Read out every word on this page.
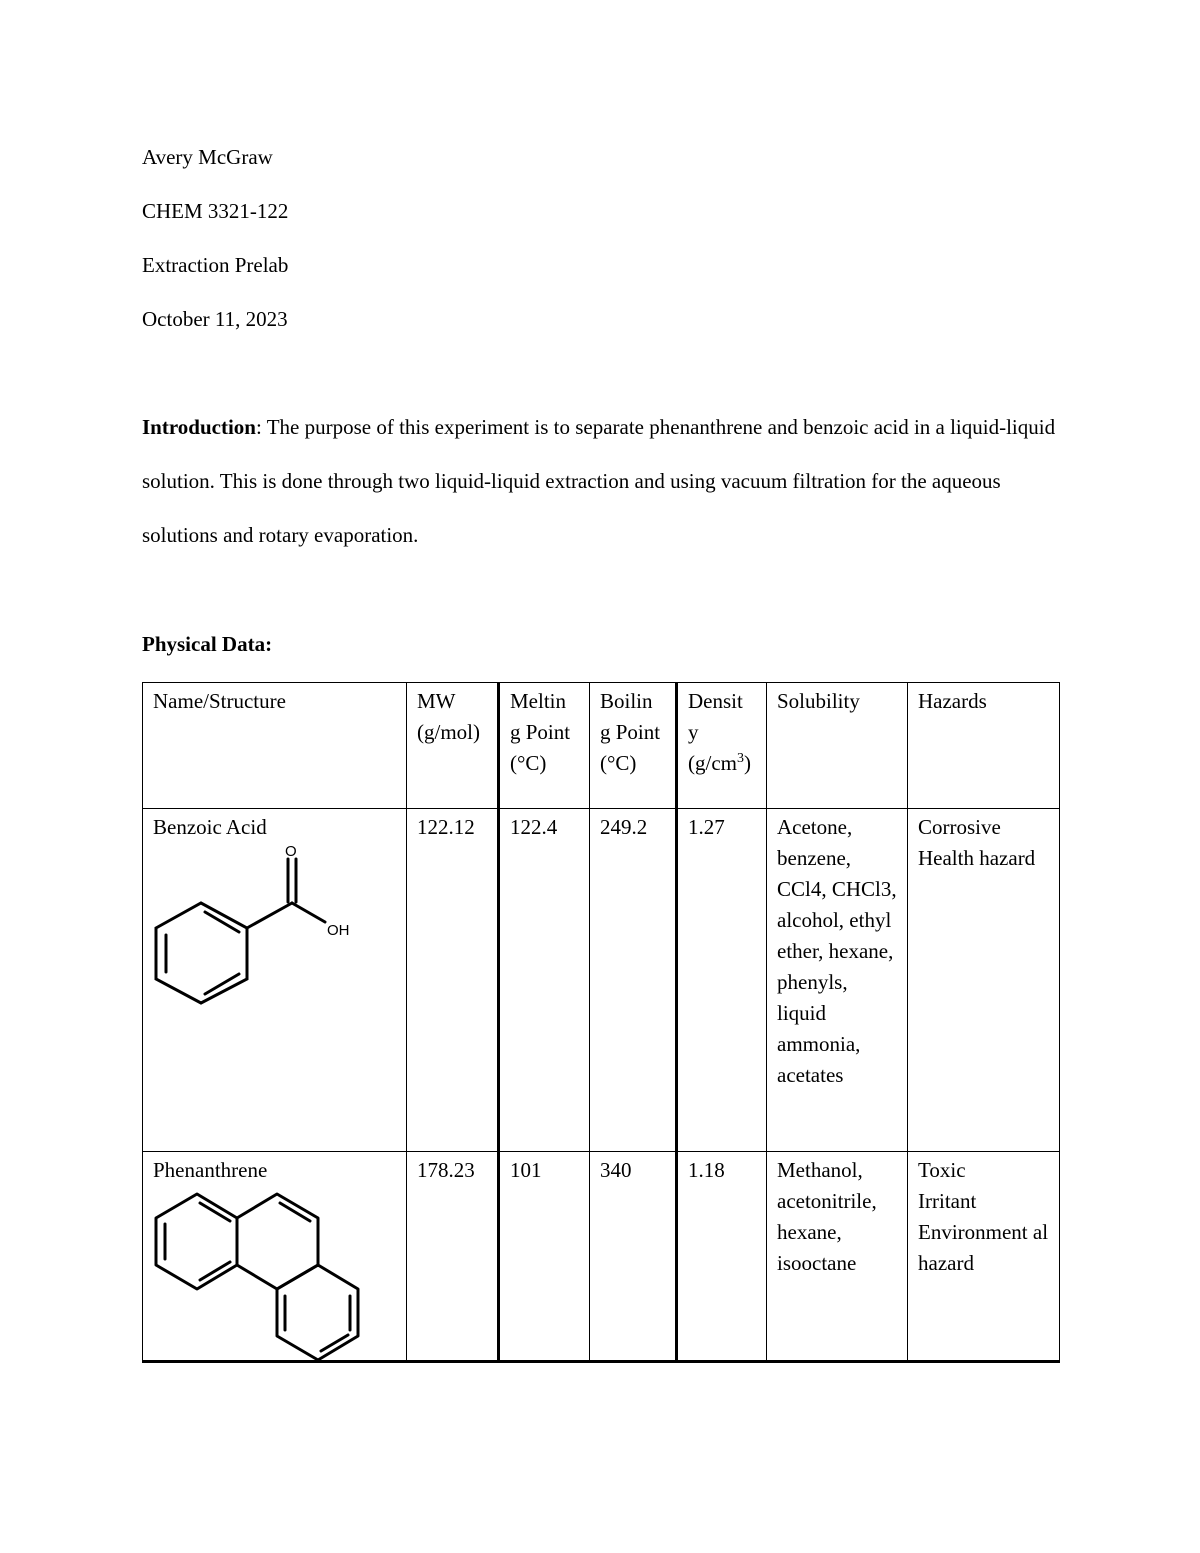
Avery McGraw
CHEM 3321-122
Extraction Prelab
October 11, 2023
Introduction: The purpose of this experiment is to separate phenanthrene and benzoic acid in a liquid-liquid solution. This is done through two liquid-liquid extraction and using vacuum filtration for the aqueous solutions and rotary evaporation.
Physical Data:
Name/Structure	MW (g/mol)	Meltin g Point (°C)	Boilin g Point (°C)	Densit y $(g/cm^3)$	Solubility	Hazards

Benzoic Acid
O
OH	122.12	122.4	249.2	1.27	Acetone, benzene, CCl4, CHCl3, alcohol, ethyl ether, hexane, phenyls, liquid ammonia, acetates	Corrosive
Health hazard

Phenanthrene	178.23	101	340	1.18	Methanol, acetonitrile, hexane, isooctane	Toxic
Irritant
Environment al hazard
